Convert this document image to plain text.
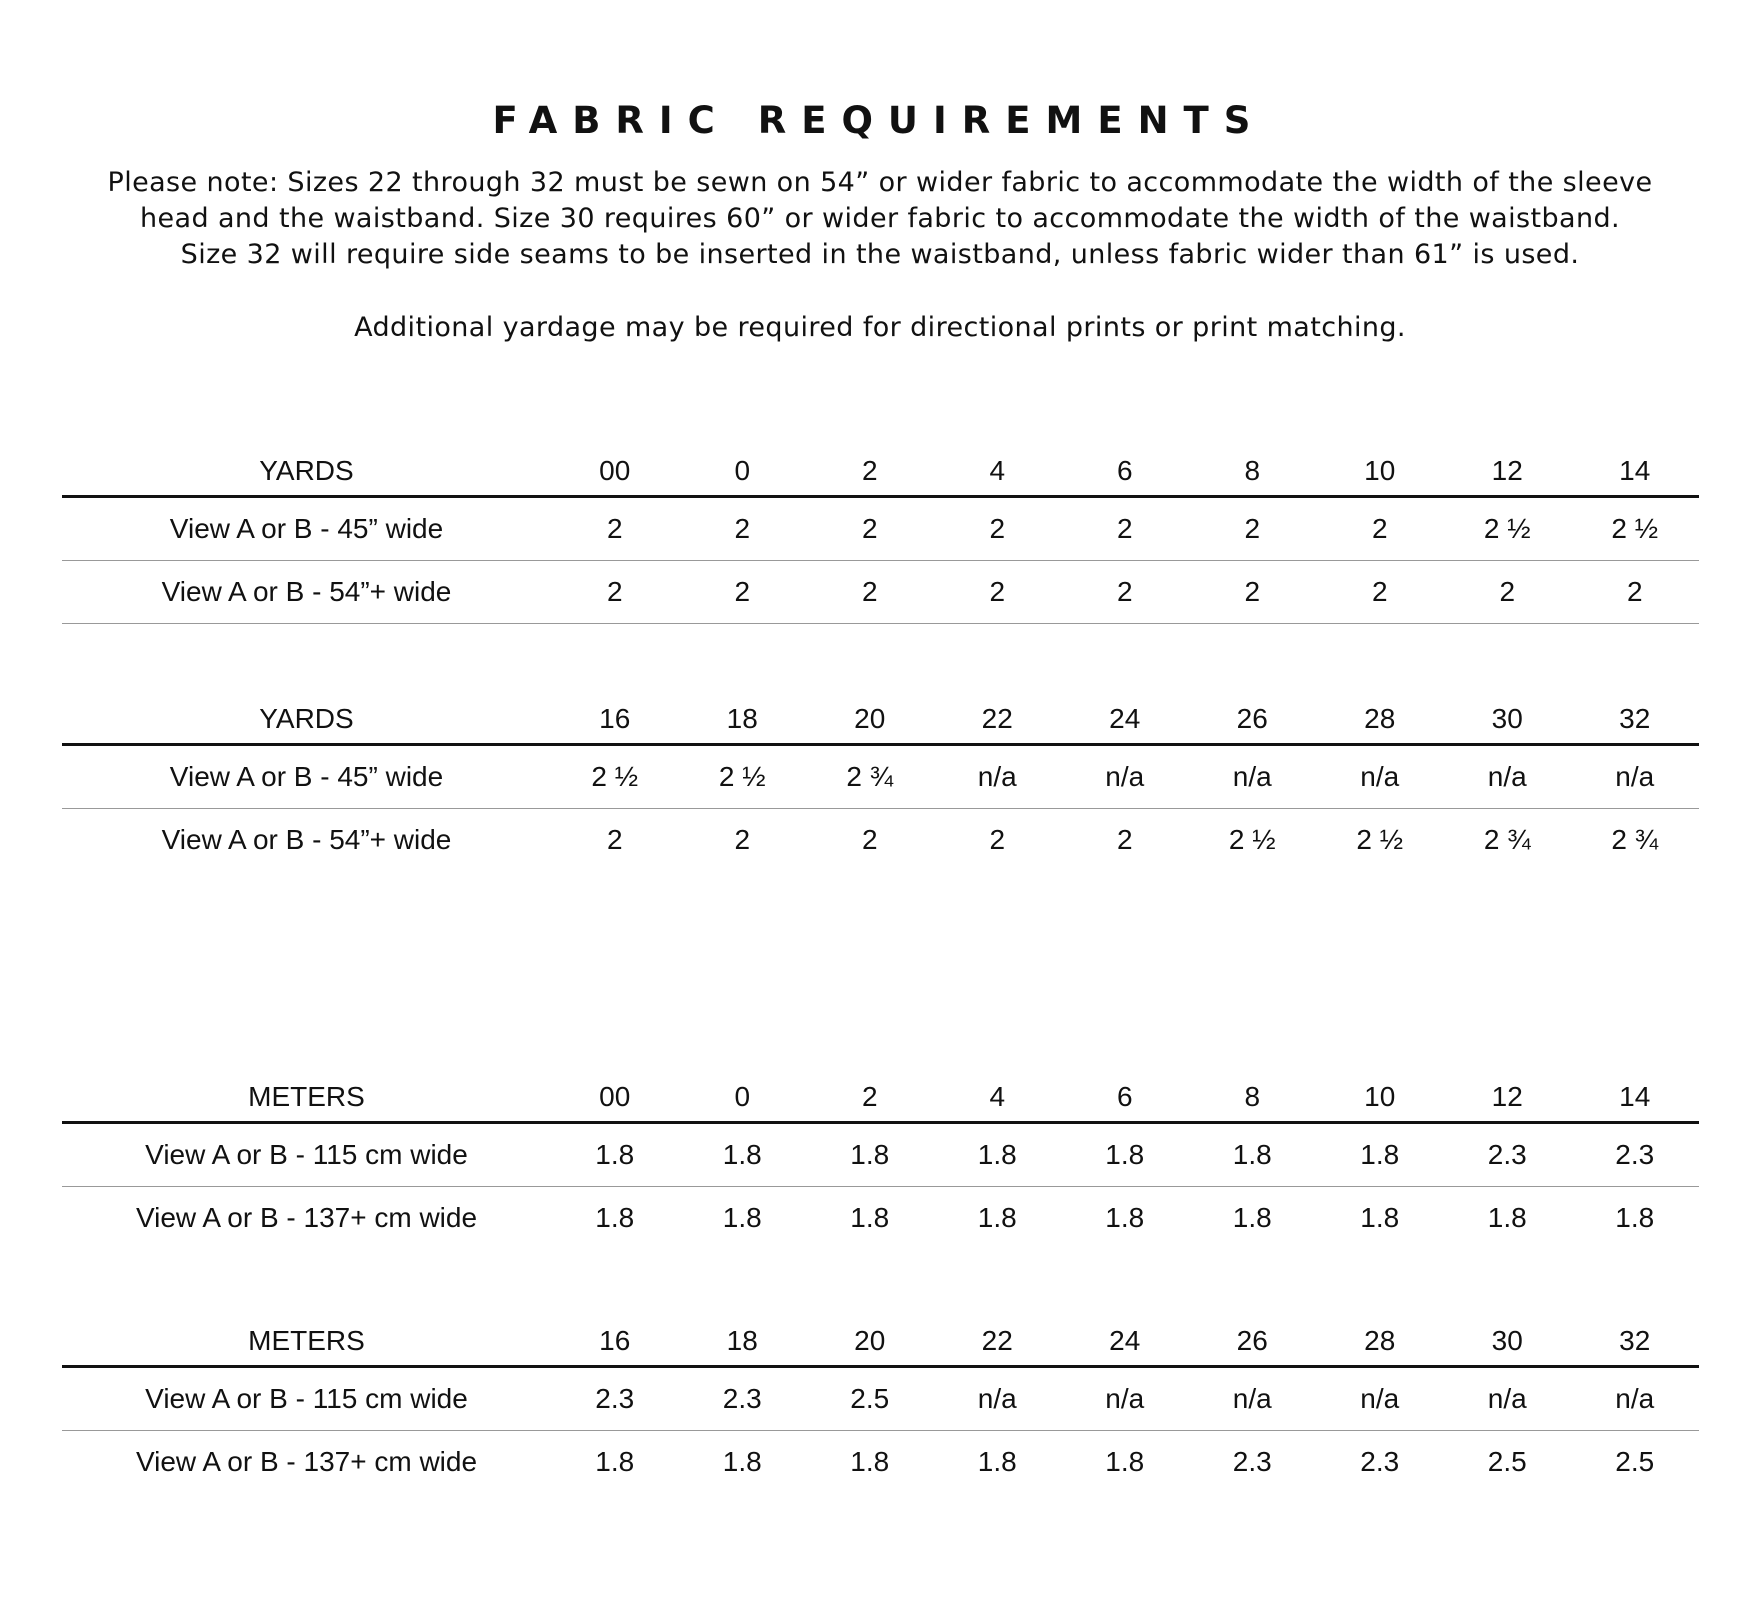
FABRIC REQUIREMENTS

Please note: Sizes 22 through 32 must be sewn on 54” or wider fabric to accommodate the width of the sleeve

head and the waistband. Size 30 requires 60” or wider fabric to accommodate the width of the waistband.

Size 32 will require side seams to be inserted in the waistband, unless fabric wider than 61” is used.

Additional yardage may be required for directional prints or print matching.

YARDS	00	0	2	4	6	8	10	12	14
View A or B - 45” wide	2	2	2	2	2	2	2	2 ½	2 ½
View A or B - 54”+ wide	2	2	2	2	2	2	2	2	2
YARDS	16	18	20	22	24	26	28	30	32
View A or B - 45” wide	2 ½	2 ½	2 ¾	n/a	n/a	n/a	n/a	n/a	n/a
View A or B - 54”+ wide	2	2	2	2	2	2 ½	2 ½	2 ¾	2 ¾
METERS	00	0	2	4	6	8	10	12	14
View A or B - 115 cm wide	1.8	1.8	1.8	1.8	1.8	1.8	1.8	2.3	2.3
View A or B - 137+ cm wide	1.8	1.8	1.8	1.8	1.8	1.8	1.8	1.8	1.8
METERS	16	18	20	22	24	26	28	30	32
View A or B - 115 cm wide	2.3	2.3	2.5	n/a	n/a	n/a	n/a	n/a	n/a
View A or B - 137+ cm wide	1.8	1.8	1.8	1.8	1.8	2.3	2.3	2.5	2.5
